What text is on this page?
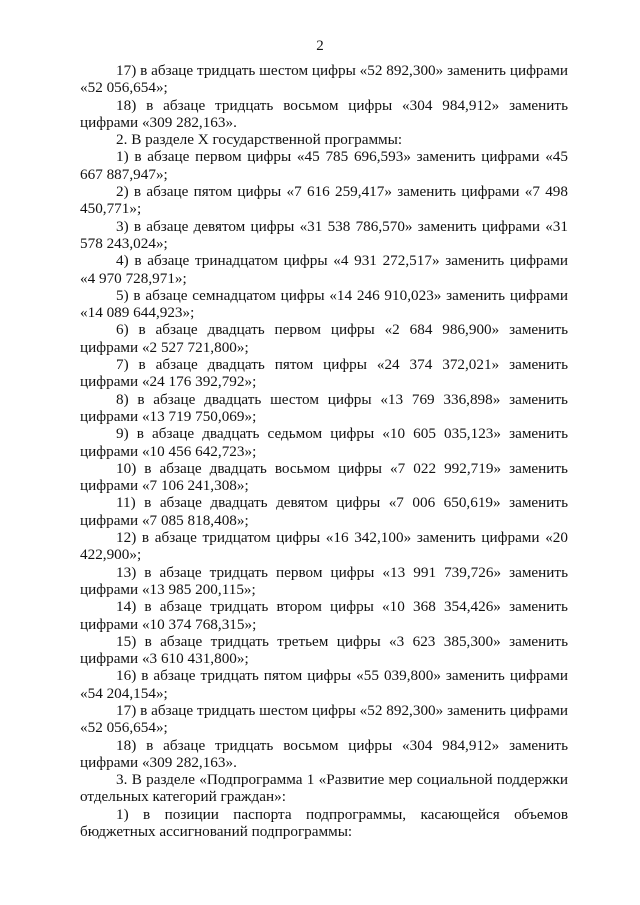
2

17) в абзаце тридцать шестом цифры «52 892,300» заменить цифрами «52 056,654»;

18) в абзаце тридцать восьмом цифры «304 984,912» заменить цифрами «309 282,163».

2. В разделе X государственной программы:

1) в абзаце первом цифры «45 785 696,593» заменить цифрами «45 667 887,947»;

2) в абзаце пятом цифры «7 616 259,417» заменить цифрами «7 498 450,771»;

3) в абзаце девятом цифры «31 538 786,570» заменить цифрами «31 578 243,024»;

4) в абзаце тринадцатом цифры «4 931 272,517» заменить цифрами «4 970 728,971»;

5) в абзаце семнадцатом цифры «14 246 910,023» заменить цифрами «14 089 644,923»;

6) в абзаце двадцать первом цифры «2 684 986,900» заменить цифрами «2 527 721,800»;

7) в абзаце двадцать пятом цифры «24 374 372,021» заменить цифрами «24 176 392,792»;

8) в абзаце двадцать шестом цифры «13 769 336,898» заменить цифрами «13 719 750,069»;

9) в абзаце двадцать седьмом цифры «10 605 035,123» заменить цифрами «10 456 642,723»;

10) в абзаце двадцать восьмом цифры «7 022 992,719» заменить цифрами «7 106 241,308»;

11) в абзаце двадцать девятом цифры «7 006 650,619» заменить цифрами «7 085 818,408»;

12) в абзаце тридцатом цифры «16 342,100» заменить цифрами «20 422,900»;

13) в абзаце тридцать первом цифры «13 991 739,726» заменить цифрами «13 985 200,115»;

14) в абзаце тридцать втором цифры «10 368 354,426» заменить цифрами «10 374 768,315»;

15) в абзаце тридцать третьем цифры «3 623 385,300» заменить цифрами «3 610 431,800»;

16) в абзаце тридцать пятом цифры «55 039,800» заменить цифрами «54 204,154»;

17) в абзаце тридцать шестом цифры «52 892,300» заменить цифрами «52 056,654»;

18) в абзаце тридцать восьмом цифры «304 984,912» заменить цифрами «309 282,163».

3. В разделе «Подпрограмма 1 «Развитие мер социальной поддержки отдельных категорий граждан»:

1) в позиции паспорта подпрограммы, касающейся объемов бюджетных ассигнований подпрограммы:
